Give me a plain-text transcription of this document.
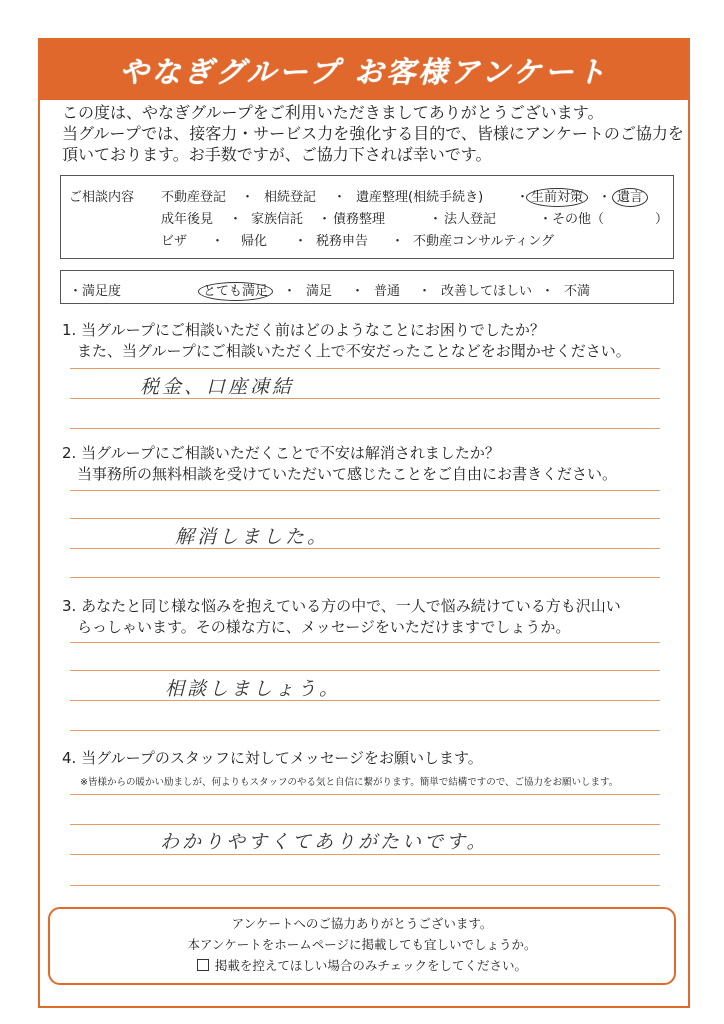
やなぎグループ お客様アンケート
この度は、やなぎグループをご利用いただきましてありがとうございます。
当グループでは、接客力・サービス力を強化する目的で、皆様にアンケートのご協力を
頂いております。お手数ですが、ご協力下されば幸いです。
ご相談内容 不動産登記 ・ 相続登記 ・ 遺産整理(相続手続き)	・ 生前対策 ・ 遺言
成年後見 ・ 家族信託 ・ 債務整理	・ 法人登記	・その他（	）
ビザ ・ 帰化 ・ 税務申告 ・ 不動産コンサルティング
・満足度	とても満足 ・ 満足 ・ 普通 ・ 改善してほしい ・ 不満
1. 当グループにご相談いただく前はどのようなことにお困りでしたか？
　また、当グループにご相談いただく上で不安だったことなどをお聞かせください。
税金、口座凍結
2. 当グループにご相談いただくことで不安は解消されましたか？
　当事務所の無料相談を受けていただいて感じたことをご自由にお書きください。
解消しました。
3. あなたと同じ様な悩みを抱えている方の中で、一人で悩み続けている方も沢山い
　らっしゃいます。その様な方に、メッセージをいただけますでしょうか。
相談しましょう。
4. 当グループのスタッフに対してメッセージをお願いします。
※皆様からの暖かい励ましが、何よりもスタッフのやる気と自信に繋がります。簡単で結構ですので、ご協力をお願いします。
わかりやすくてありがたいです。
アンケートへのご協力ありがとうございます。
本アンケートをホームページに掲載しても宜しいでしょうか。
掲載を控えてほしい場合のみチェックをしてください。
